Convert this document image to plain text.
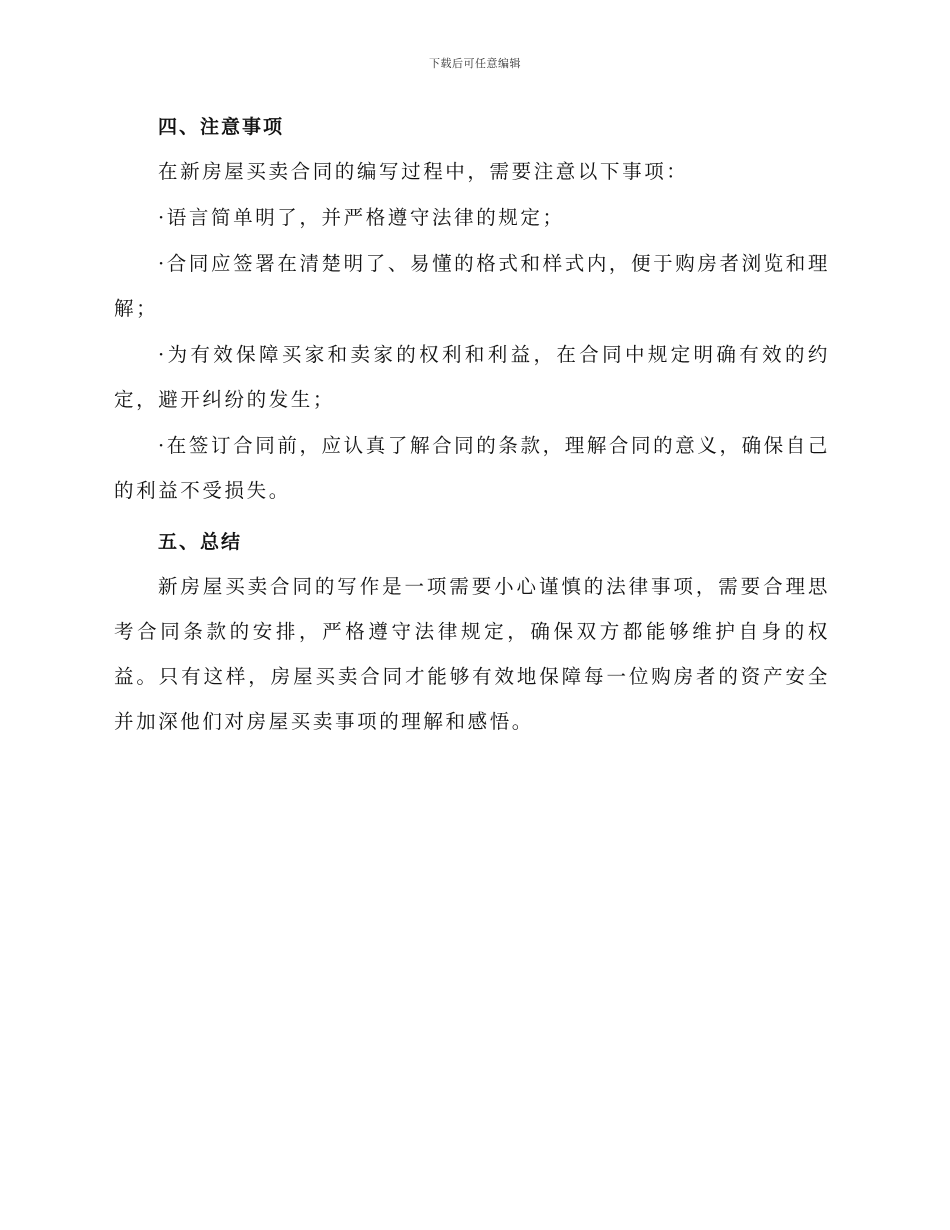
下载后可任意编辑
四、注意事项

在新房屋买卖合同的编写过程中，需要注意以下事项：

·语言简单明了，并严格遵守法律的规定；

·合同应签署在清楚明了、易懂的格式和样式内，便于购房者浏览和理解；

·为有效保障买家和卖家的权利和利益，在合同中规定明确有效的约定，避开纠纷的发生；

·在签订合同前，应认真了解合同的条款，理解合同的意义，确保自己的利益不受损失。

五、总结

新房屋买卖合同的写作是一项需要小心谨慎的法律事项，需要合理思考合同条款的安排，严格遵守法律规定，确保双方都能够维护自身的权益。只有这样，房屋买卖合同才能够有效地保障每一位购房者的资产安全并加深他们对房屋买卖事项的理解和感悟。
